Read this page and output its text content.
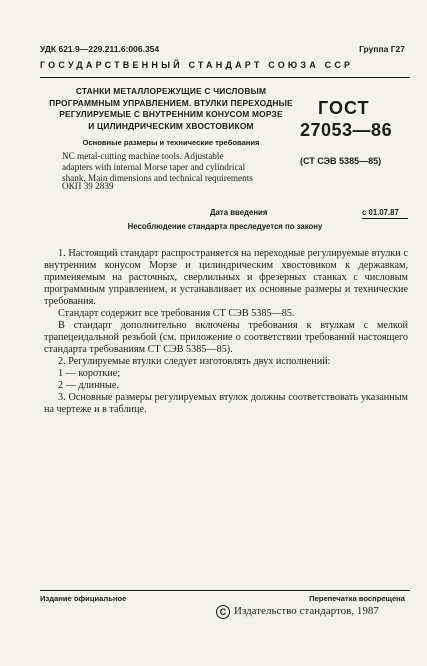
УДК 621.9—229.211.6:006.354	Группа Г27
ГОСУДАРСТВЕННЫЙ СТАНДАРТ СОЮЗА ССР
СТАНКИ МЕТАЛЛОРЕЖУЩИЕ С ЧИСЛОВЫМ
ПРОГРАММНЫМ УПРАВЛЕНИЕМ. ВТУЛКИ ПЕРЕХОДНЫЕ
РЕГУЛИРУЕМЫЕ С ВНУТРЕННИМ КОНУСОМ МОРЗЕ
И ЦИЛИНДРИЧЕСКИМ ХВОСТОВИКОМ
Основные размеры и технические требования
NC metal-cutting machine tools. Adjustable
adapters with internal Morse taper and cylindrical
shank. Main dimensions and technical requirements
ОКП 39 2839
ГОСТ
27053—86
(СТ СЭВ 5385—85)
Дата введения	с 01.07.87
Несоблюдение стандарта преследуется по закону

1. Настоящий стандарт распространяется на переходные регулируемые втулки с внутренним конусом Морзе и цилиндрическим хвостовиком к державкам, применяемым на расточных, сверлильных и фрезерных станках с числовым программным управлением, и устанавливает их основные размеры и технические требования.

Стандарт содержит все требования СТ СЭВ 5385—85.

В стандарт дополнительно включены требования к втулкам с мелкой трапецеидальной резьбой (см. приложение о соответствии требований настоящего стандарта требованиям СТ СЭВ 5385—85).

2. Регулируемые втулки следует изготовлять двух исполнений:

1 — короткие;

2 — длинные.

3. Основные размеры регулируемых втулок должны соответствовать указанным на чертеже и в таблице.

Издание официальное	Перепечатка воспрещена
C Издательство стандартов, 1987
